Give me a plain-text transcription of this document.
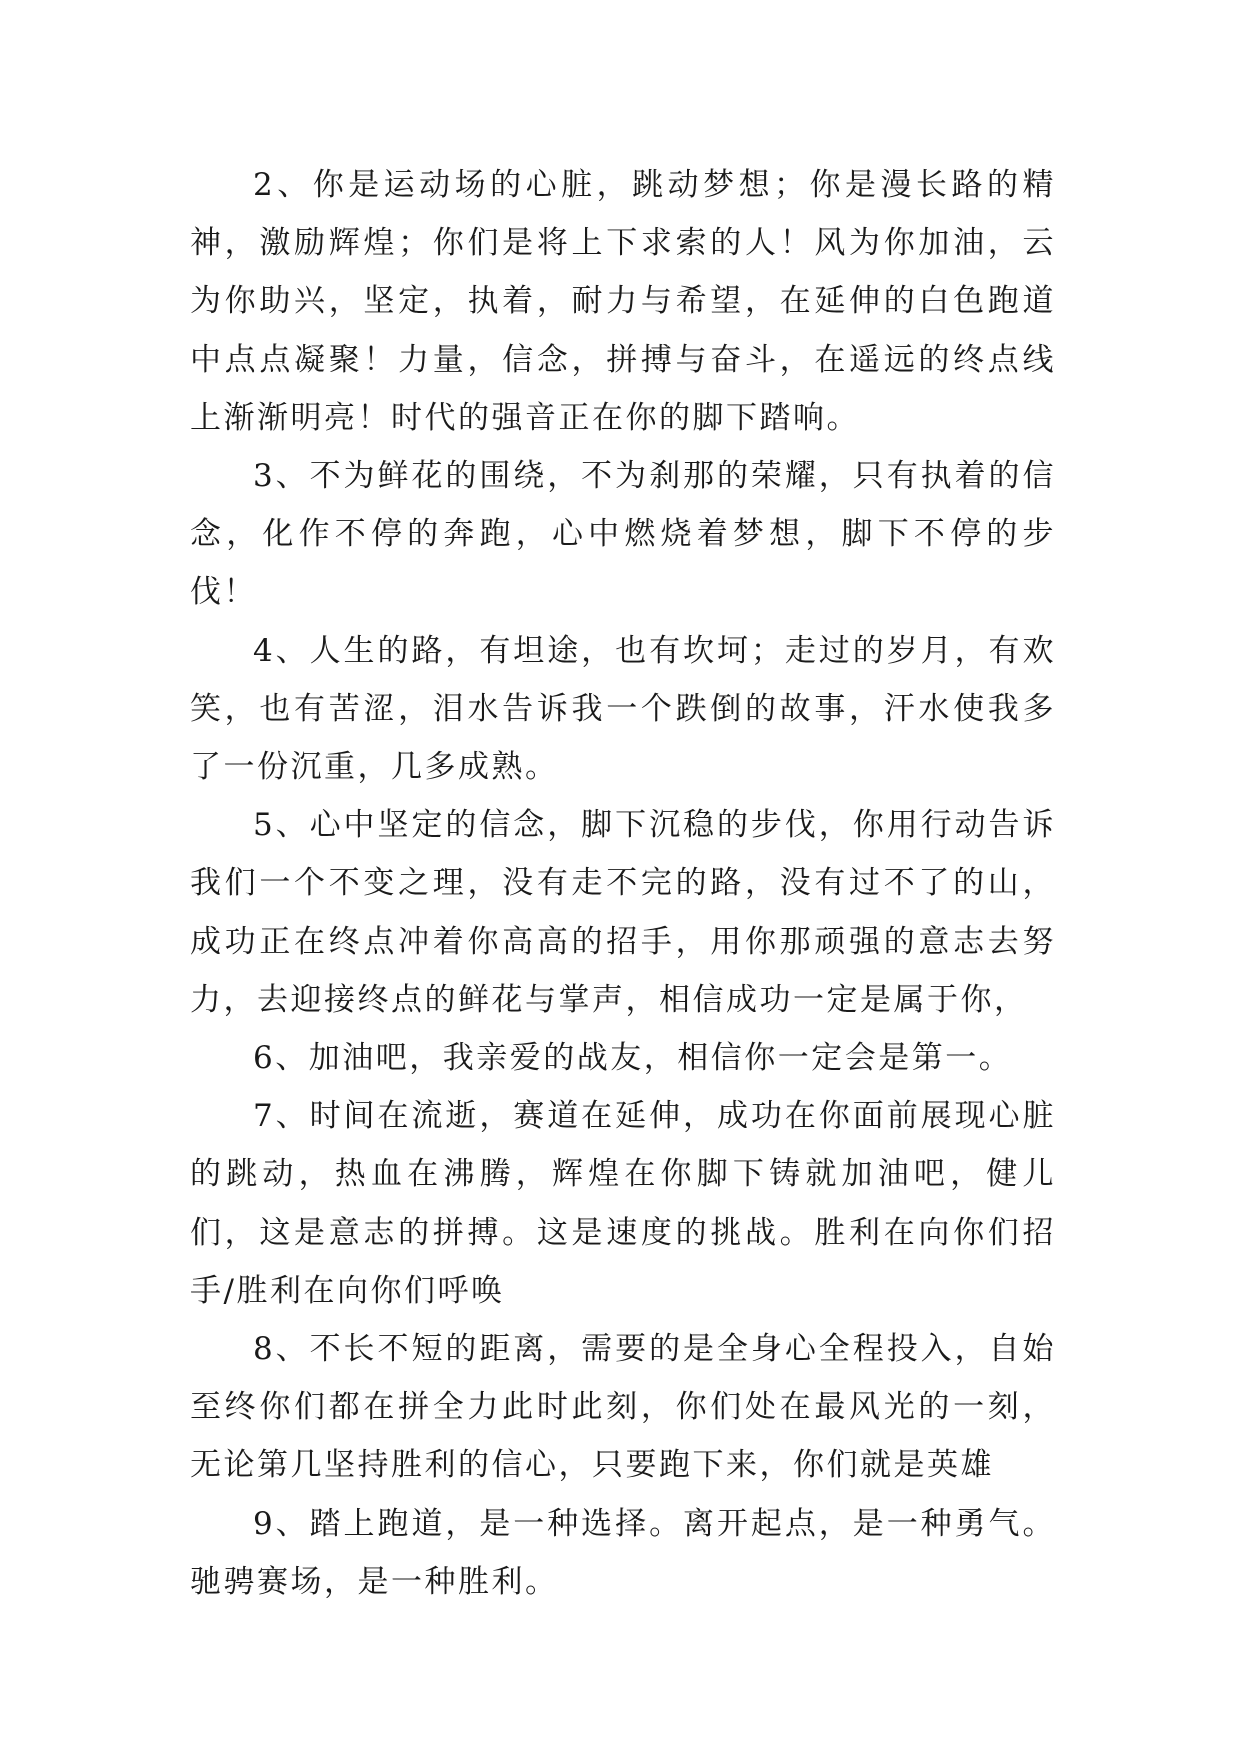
2、你是运动场的心脏，跳动梦想；你是漫长路的精神，激励辉煌；你们是将上下求索的人！风为你加油，云为你助兴，坚定，执着，耐力与希望，在延伸的白色跑道中点点凝聚！力量，信念，拼搏与奋斗，在遥远的终点线上渐渐明亮！时代的强音正在你的脚下踏响。

3、不为鲜花的围绕，不为刹那的荣耀，只有执着的信念，化作不停的奔跑，心中燃烧着梦想，脚下不停的步伐！

4、人生的路，有坦途，也有坎坷；走过的岁月，有欢笑，也有苦涩，泪水告诉我一个跌倒的故事，汗水使我多了一份沉重，几多成熟。

5、心中坚定的信念，脚下沉稳的步伐，你用行动告诉我们一个不变之理，没有走不完的路，没有过不了的山，成功正在终点冲着你高高的招手，用你那顽强的意志去努力，去迎接终点的鲜花与掌声，相信成功一定是属于你，

6、加油吧，我亲爱的战友，相信你一定会是第一。

7、时间在流逝，赛道在延伸，成功在你面前展现心脏的跳动，热血在沸腾，辉煌在你脚下铸就加油吧，健儿们，这是意志的拼搏。这是速度的挑战。胜利在向你们招手/胜利在向你们呼唤

8、不长不短的距离，需要的是全身心全程投入，自始至终你们都在拼全力此时此刻，你们处在最风光的一刻，无论第几坚持胜利的信心，只要跑下来，你们就是英雄

9、踏上跑道，是一种选择。离开起点，是一种勇气。驰骋赛场，是一种胜利。
